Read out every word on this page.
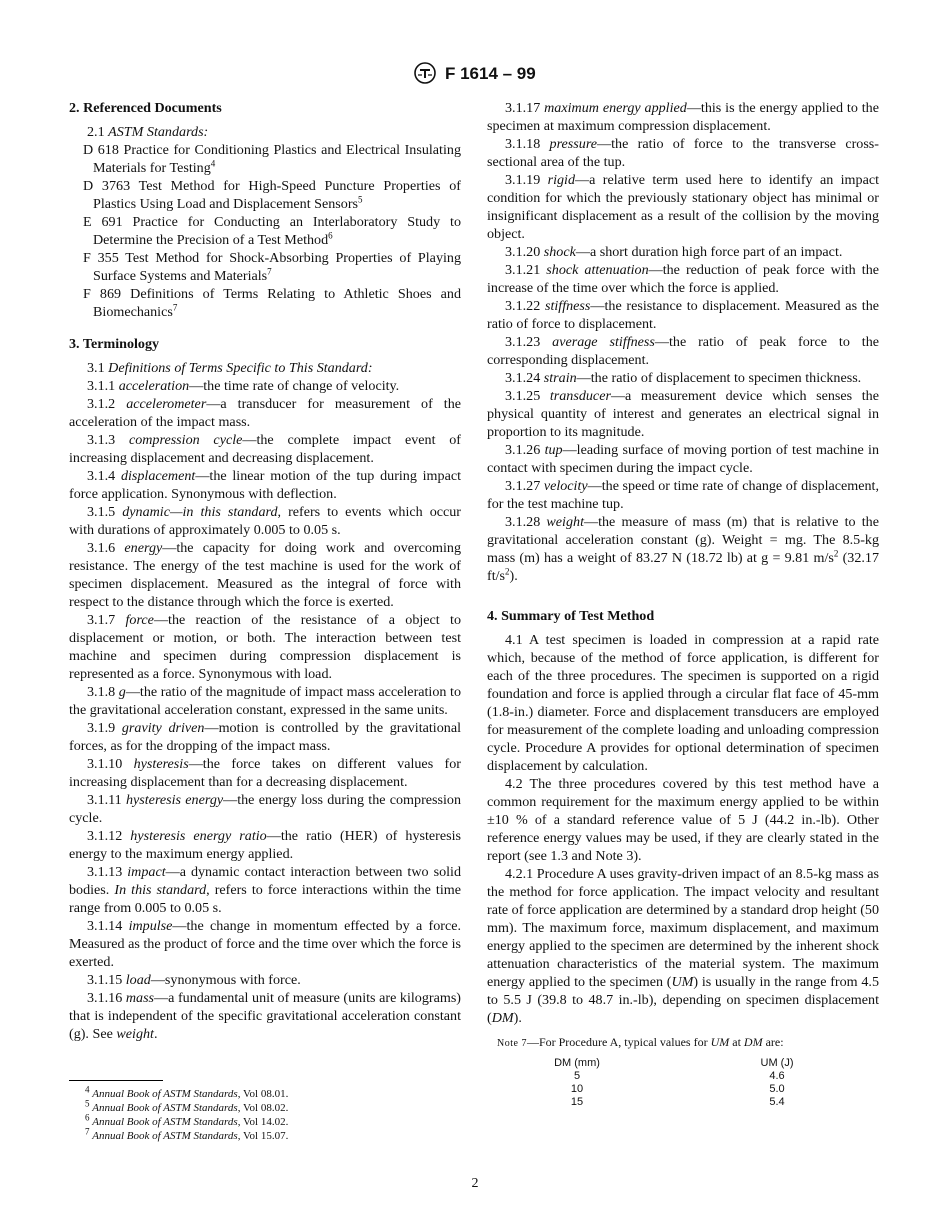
F 1614 – 99
2. Referenced Documents

2.1 ASTM Standards:

D 618 Practice for Conditioning Plastics and Electrical Insulating Materials for Testing$^4$

D 3763 Test Method for High-Speed Puncture Properties of Plastics Using Load and Displacement Sensors$^5$

E 691 Practice for Conducting an Interlaboratory Study to Determine the Precision of a Test Method$^6$

F 355 Test Method for Shock-Absorbing Properties of Playing Surface Systems and Materials$^7$

F 869 Definitions of Terms Relating to Athletic Shoes and Biomechanics$^7$

3. Terminology

3.1 Definitions of Terms Specific to This Standard:

3.1.1 acceleration—the time rate of change of velocity.

3.1.2 accelerometer—a transducer for measurement of the acceleration of the impact mass.

3.1.3 compression cycle—the complete impact event of increasing displacement and decreasing displacement.

3.1.4 displacement—the linear motion of the tup during impact force application. Synonymous with deflection.

3.1.5 dynamic—in this standard, refers to events which occur with durations of approximately 0.005 to 0.05 s.

3.1.6 energy—the capacity for doing work and overcoming resistance. The energy of the test machine is used for the work of specimen displacement. Measured as the integral of force with respect to the distance through which the force is exerted.

3.1.7 force—the reaction of the resistance of a object to displacement or motion, or both. The interaction between test machine and specimen during compression displacement is represented as a force. Synonymous with load.

3.1.8 g—the ratio of the magnitude of impact mass acceleration to the gravitational acceleration constant, expressed in the same units.

3.1.9 gravity driven—motion is controlled by the gravitational forces, as for the dropping of the impact mass.

3.1.10 hysteresis—the force takes on different values for increasing displacement than for a decreasing displacement.

3.1.11 hysteresis energy—the energy loss during the compression cycle.

3.1.12 hysteresis energy ratio—the ratio (HER) of hysteresis energy to the maximum energy applied.

3.1.13 impact—a dynamic contact interaction between two solid bodies. In this standard, refers to force interactions within the time range from 0.005 to 0.05 s.

3.1.14 impulse—the change in momentum effected by a force. Measured as the product of force and the time over which the force is exerted.

3.1.15 load—synonymous with force.

3.1.16 mass—a fundamental unit of measure (units are kilograms) that is independent of the specific gravitational acceleration constant (g). See weight.

3.1.17 maximum energy applied—this is the energy applied to the specimen at maximum compression displacement.

3.1.18 pressure—the ratio of force to the transverse cross-sectional area of the tup.

3.1.19 rigid—a relative term used here to identify an impact condition for which the previously stationary object has minimal or insignificant displacement as a result of the collision by the moving object.

3.1.20 shock—a short duration high force part of an impact.

3.1.21 shock attenuation—the reduction of peak force with the increase of the time over which the force is applied.

3.1.22 stiffness—the resistance to displacement. Measured as the ratio of force to displacement.

3.1.23 average stiffness—the ratio of peak force to the corresponding displacement.

3.1.24 strain—the ratio of displacement to specimen thickness.

3.1.25 transducer—a measurement device which senses the physical quantity of interest and generates an electrical signal in proportion to its magnitude.

3.1.26 tup—leading surface of moving portion of test machine in contact with specimen during the impact cycle.

3.1.27 velocity—the speed or time rate of change of displacement, for the test machine tup.

3.1.28 weight—the measure of mass (m) that is relative to the gravitational acceleration constant (g). Weight = mg. The 8.5-kg mass (m) has a weight of 83.27 N (18.72 lb) at g = 9.81 $m/s^2$ (32.17 $ft/s^2$).

4. Summary of Test Method

4.1 A test specimen is loaded in compression at a rapid rate which, because of the method of force application, is different for each of the three procedures. The specimen is supported on a rigid foundation and force is applied through a circular flat face of 45-mm (1.8-in.) diameter. Force and displacement transducers are employed for measurement of the complete loading and unloading compression cycle. Procedure A provides for optional determination of specimen displacement by calculation.

4.2 The three procedures covered by this test method have a common requirement for the maximum energy applied to be within ±10 % of a standard reference value of 5 J (44.2 in.-lb). Other reference energy values may be used, if they are clearly stated in the report (see 1.3 and Note 3).

4.2.1 Procedure A uses gravity-driven impact of an 8.5-kg mass as the method for force application. The impact velocity and resultant rate of force application are determined by a standard drop height (50 mm). The maximum force, maximum displacement, and maximum energy applied to the specimen are determined by the inherent shock attenuation characteristics of the material system. The maximum energy applied to the specimen (UM) is usually in the range from 4.5 to 5.5 J (39.8 to 48.7 in.-lb), depending on specimen displacement (DM).

Note 7—For Procedure A, typical values for UM at DM are:
DM (mm)		UM (J)
5		4.6
10		5.0
15		5.4
$^4$ Annual Book of ASTM Standards, Vol 08.01.
$^5$ Annual Book of ASTM Standards, Vol 08.02.
$^6$ Annual Book of ASTM Standards, Vol 14.02.
$^7$ Annual Book of ASTM Standards, Vol 15.07.
2
